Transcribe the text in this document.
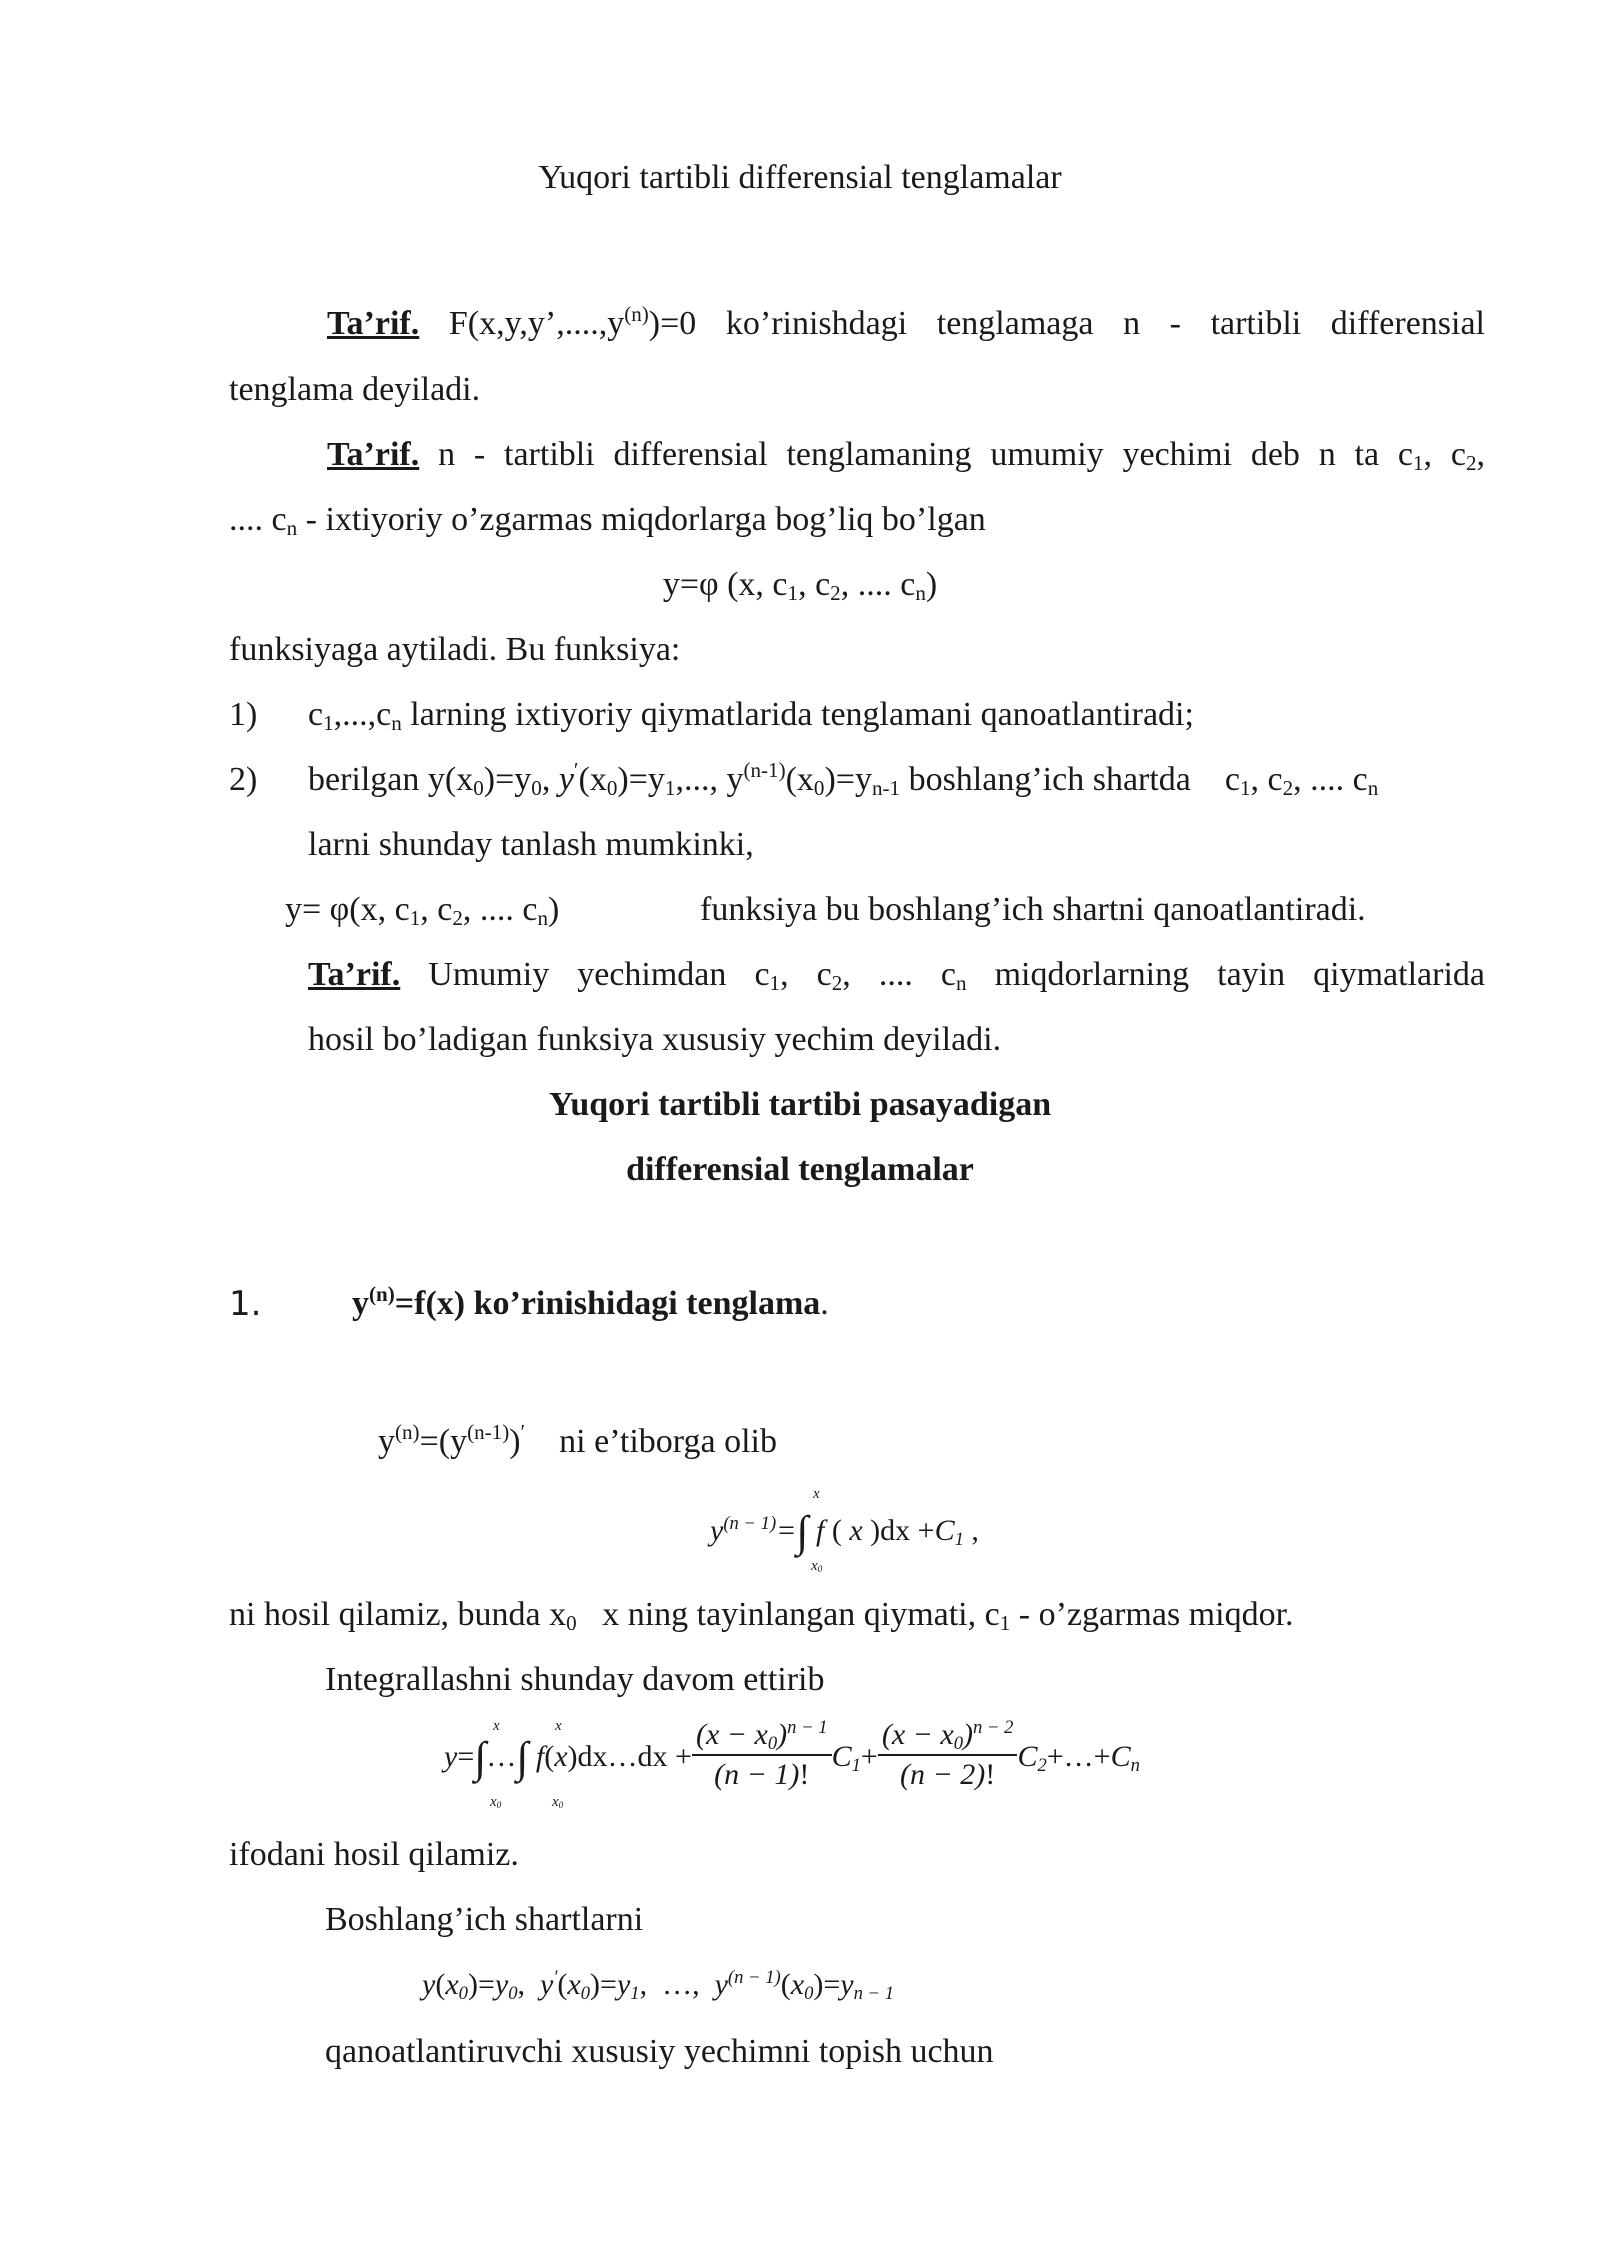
Yuqori tartibli differensial tenglamalar
Ta’rif. $F(x,y,y’,....,y^{(n)})=0$ ko’rinishdagi tenglamaga n - tartibli differensial
tenglama deyiladi.
Ta’rif. n - tartibli differensial tenglamaning umumiy yechimi deb n ta $c_1$, $c_2$,
.... $c_n$ - ixtiyoriy o’zgarmas miqdorlarga bog’liq bo’lgan
y=φ (x, $c_1$, $c_2$, .... $c_n$)
funksiyaga aytiladi. Bu funksiya:
1) $c_1,...,c_n$ larning ixtiyoriy qiymatlarida tenglamani qanoatlantiradi;
2) berilgan $y(x_0)=y_0$, $y'(x_0)=y_1$,..., $y^{(n-1)}(x_0)=y_{n-1}$ boshlang’ich shartda    $c_1$, $c_2$, .... $c_n$
larni shunday tanlash mumkinki,
y= φ(x, $c_1$, $c_2$, .... $c_n$)	funksiya bu boshlang’ich shartni qanoatlantiradi.
Ta’rif. Umumiy yechimdan $c_1$, $c_2$, .... $c_n$ miqdorlarning tayin qiymatlarida
hosil bo’ladigan funksiya xususiy yechim deyiladi.
Yuqori tartibli tartibi pasayadigan
differensial tenglamalar
1.	$y^{(n)}=f(x)$ ko’rinishidagi tenglama.
$y^{(n)}=(y^{(n-1)})'$ ni e’tiborga olib
$y^{(n - 1)}=\int$ f ( x )$dx +C_1$ ,
x
$x_0$
ni hosil qilamiz, bunda $x_0$ x ning tayinlangan qiymati, $c_1$ - o’zgarmas miqdor.
Integrallashni shunday davom ettirib
y=∫…∫ f(x)dx…dx + $\frac{(x - x_0)^{n - 1}}{(n - 1)!} C_1+ \frac{(x - x_0)^{n - 2}}{(n - 2)!}$ $C_2+\dots+C_n$
x
$x_0$
x
$x_0$
ifodani hosil qilamiz.
Boshlang’ich shartlarni
$y(x_0)=y_0$,  $y'(x_0)=y_1$,  …,  $y^{(n - 1)}(x_0)=y_{n - 1}$
qanoatlantiruvchi xususiy yechimni topish uchun
